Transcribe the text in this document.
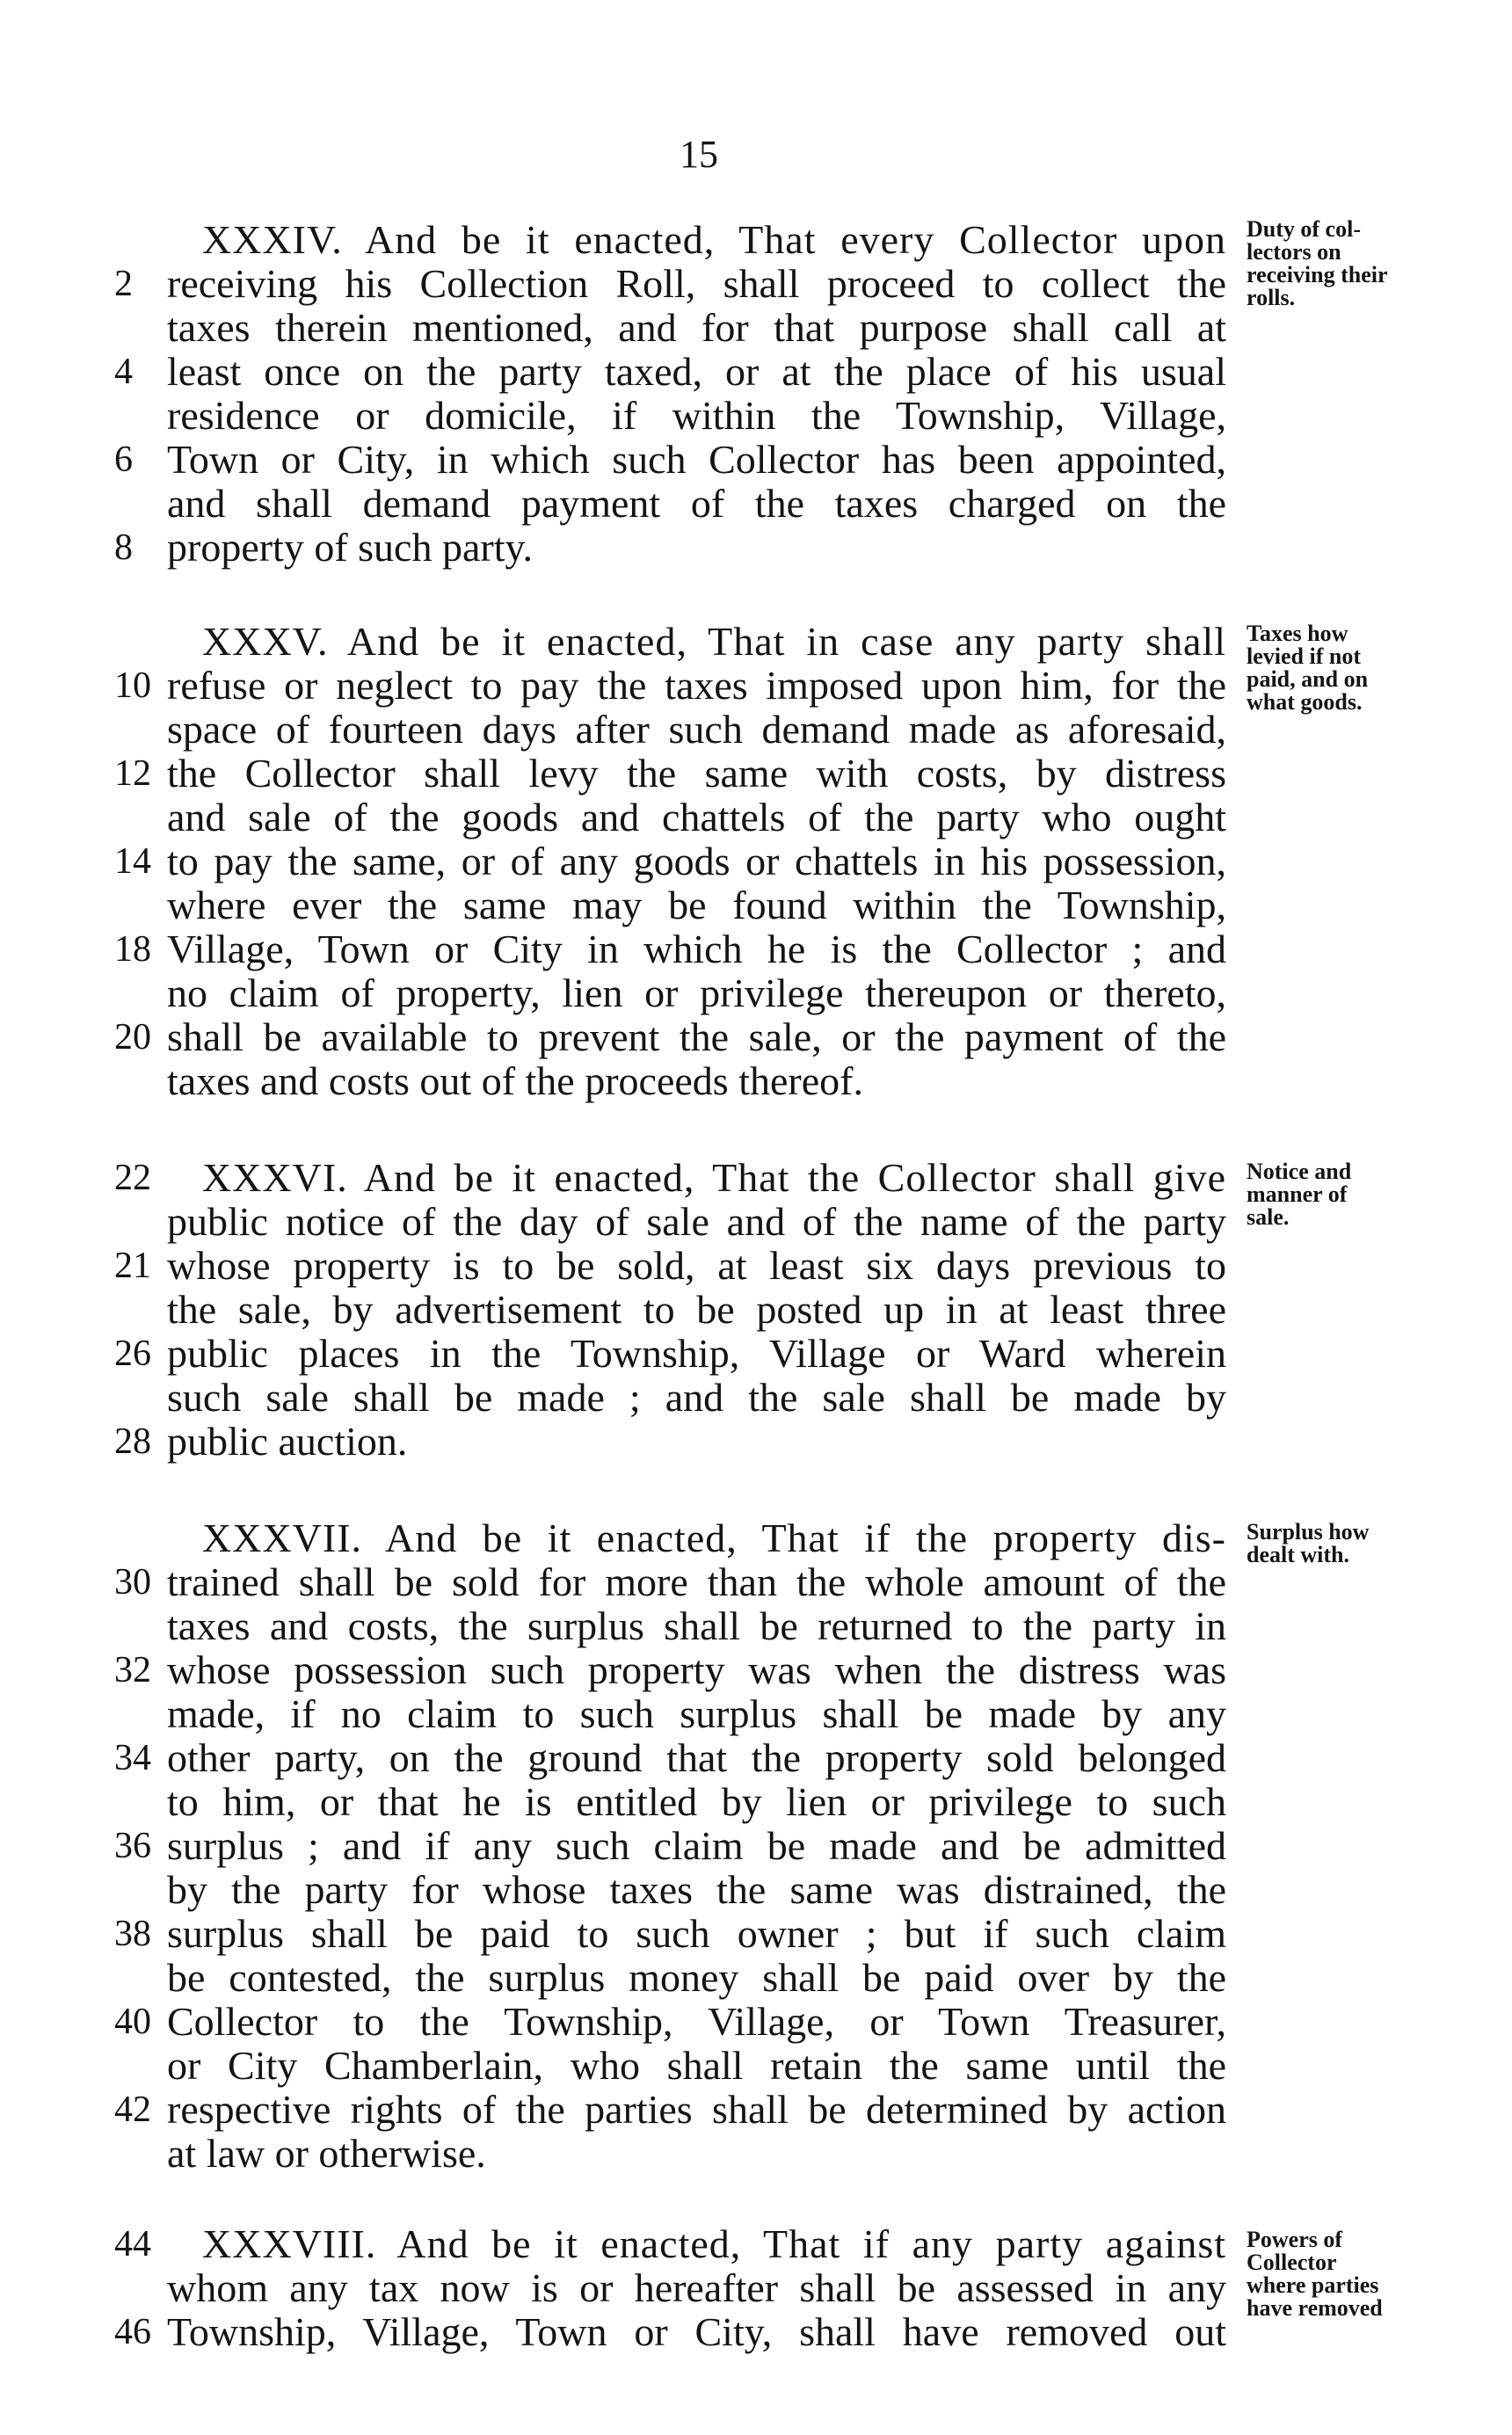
15
XXXIV. And be it enacted, That every Collector upon
2 receiving his Collection Roll, shall proceed to collect the
taxes therein mentioned, and for that purpose shall call at
4 least once on the party taxed, or at the place of his usual
residence or domicile, if within the Township, Village,
6 Town or City, in which such Collector has been appointed,
and shall demand payment of the taxes charged on the
8 property of such party.
Duty of col-
lectors on
receiving their
rolls.
XXXV. And be it enacted, That in case any party shall
10 refuse or neglect to pay the taxes imposed upon him, for the
space of fourteen days after such demand made as aforesaid,
12 the Collector shall levy the same with costs, by distress
and sale of the goods and chattels of the party who ought
14 to pay the same, or of any goods or chattels in his possession,
where ever the same may be found within the Township,
18 Village, Town or City in which he is the Collector ; and
no claim of property, lien or privilege thereupon or thereto,
20 shall be available to prevent the sale, or the payment of the
taxes and costs out of the proceeds thereof.
Taxes how
levied if not
paid, and on
what goods.
22	XXXVI. And be it enacted, That the Collector shall give
public notice of the day of sale and of the name of the party
21 whose property is to be sold, at least six days previous to
the sale, by advertisement to be posted up in at least three
26 public places in the Township, Village or Ward wherein
such sale shall be made ; and the sale shall be made by
28 public auction.
Notice and
manner of
sale.
XXXVII. And be it enacted, That if the property dis-
30 trained shall be sold for more than the whole amount of the
taxes and costs, the surplus shall be returned to the party in
32 whose possession such property was when the distress was
made, if no claim to such surplus shall be made by any
34 other party, on the ground that the property sold belonged
to him, or that he is entitled by lien or privilege to such
36 surplus ; and if any such claim be made and be admitted
by the party for whose taxes the same was distrained, the
38 surplus shall be paid to such owner ; but if such claim
be contested, the surplus money shall be paid over by the
40 Collector to the Township, Village, or Town Treasurer,
or City Chamberlain, who shall retain the same until the
42 respective rights of the parties shall be determined by action
at law or otherwise.
Surplus how
dealt with.
44	XXXVIII. And be it enacted, That if any party against
whom any tax now is or hereafter shall be assessed in any
46 Township, Village, Town or City, shall have removed out
Powers of
Collector
where parties
have removed
